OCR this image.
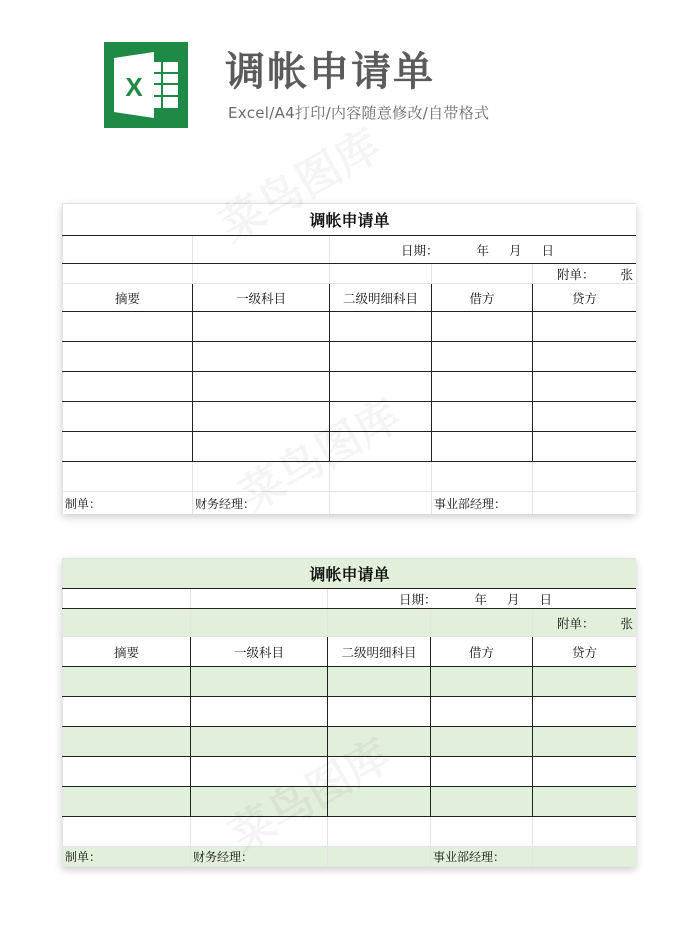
X 调帐申请单
Excel/A4打印/内容随意修改/自带格式
调帐申请单				
		日期： 年 月 日		
				附单： 张
摘要	一级科目	二级明细科目	借方	贷方

制单：	财务经理：		事业部经理：	
调帐申请单				
		日期： 年 月 日		
				附单： 张
摘要	一级科目	二级明细科目	借方	贷方

制单：	财务经理：		事业部经理：	
